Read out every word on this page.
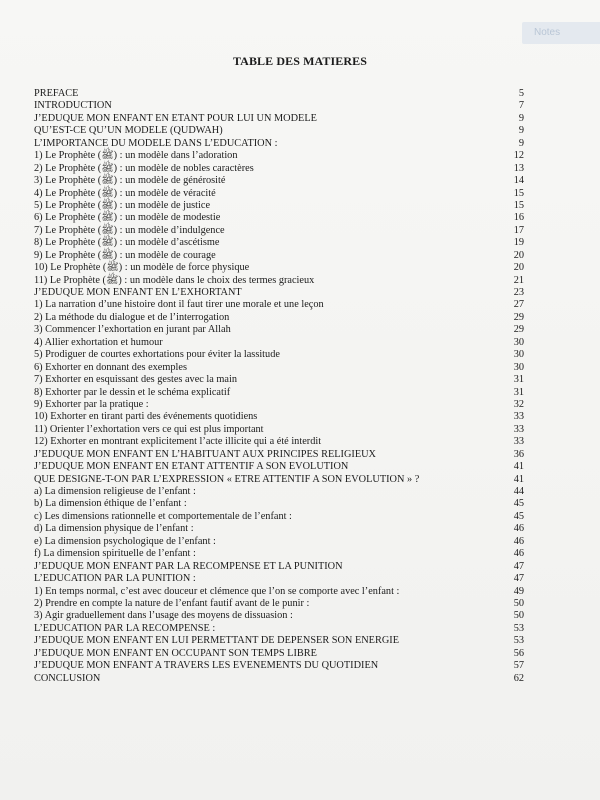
Notes
TABLE DES MATIERES
PREFACE	5
INTRODUCTION	7
J’EDUQUE MON ENFANT EN ETANT POUR LUI UN MODELE	9
QU’EST-CE QU’UN MODELE (QUDWAH)	9
L’IMPORTANCE DU MODELE DANS L’EDUCATION :	9
1) Le Prophète (ﷺ) : un modèle dans l’adoration	12
2) Le Prophète (ﷺ) : un modèle de nobles caractères	13
3) Le Prophète (ﷺ) : un modèle de générosité	14
4) Le Prophète (ﷺ) : un modèle de véracité	15
5) Le Prophète (ﷺ) : un modèle de justice	15
6) Le Prophète (ﷺ) : un modèle de modestie	16
7) Le Prophète (ﷺ) : un modèle d’indulgence	17
8) Le Prophète (ﷺ) : un modèle d’ascétisme	19
9) Le Prophète (ﷺ) : un modèle de courage	20
10) Le Prophète (ﷺ) : un modèle de force physique	20
11) Le Prophète (ﷺ) : un modèle dans le choix des termes gracieux	21
J’EDUQUE MON ENFANT EN L’EXHORTANT	23
1) La narration d’une histoire dont il faut tirer une morale et une leçon	27
2) La méthode du dialogue et de l’interrogation	29
3) Commencer l’exhortation en jurant par Allah	29
4) Allier exhortation et humour	30
5) Prodiguer de courtes exhortations pour éviter la lassitude	30
6) Exhorter en donnant des exemples	30
7) Exhorter en esquissant des gestes avec la main	31
8) Exhorter par le dessin et le schéma explicatif	31
9) Exhorter par la pratique :	32
10) Exhorter en tirant parti des événements quotidiens	33
11) Orienter l’exhortation vers ce qui est plus important	33
12) Exhorter en montrant explicitement l’acte illicite qui a été interdit	33
J’EDUQUE MON ENFANT EN L’HABITUANT AUX PRINCIPES RELIGIEUX	36
J’EDUQUE MON ENFANT EN ETANT ATTENTIF A SON EVOLUTION	41
QUE DESIGNE-T-ON PAR L’EXPRESSION « ETRE ATTENTIF A SON EVOLUTION » ?	41
a) La dimension religieuse de l’enfant :	44
b) La dimension éthique de l’enfant :	45
c) Les dimensions rationnelle et comportementale de l’enfant :	45
d) La dimension physique de l’enfant :	46
e) La dimension psychologique de l’enfant :	46
f) La dimension spirituelle de l’enfant :	46
J’EDUQUE MON ENFANT PAR LA RECOMPENSE ET LA PUNITION	47
L’EDUCATION PAR LA PUNITION :	47
1) En temps normal, c’est avec douceur et clémence que l’on se comporte avec l’enfant :	49
2) Prendre en compte la nature de l’enfant fautif avant de le punir :	50
3) Agir graduellement dans l’usage des moyens de dissuasion :	50
L’EDUCATION PAR LA RECOMPENSE :	53
J’EDUQUE MON ENFANT EN LUI PERMETTANT DE DEPENSER SON ENERGIE	53
J’EDUQUE MON ENFANT EN OCCUPANT SON TEMPS LIBRE	56
J’EDUQUE MON ENFANT A TRAVERS LES EVENEMENTS DU QUOTIDIEN	57
CONCLUSION	62
